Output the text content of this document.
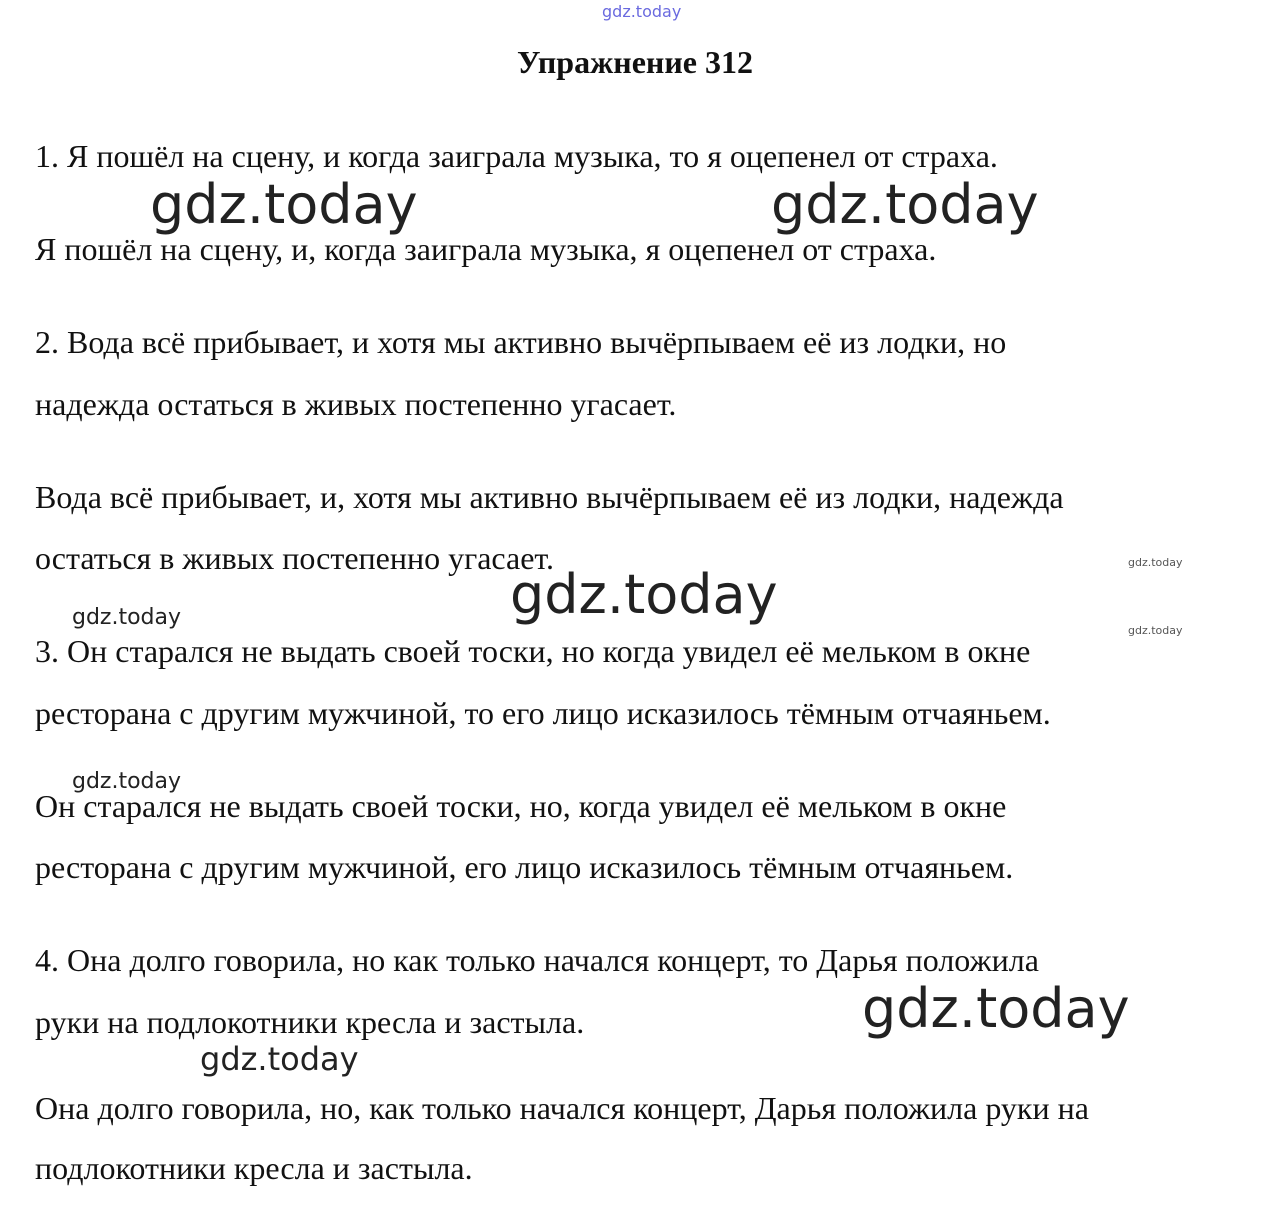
Упражнение 312
1. Я пошёл на сцену, и когда заиграла музыка, то я оцепенел от страха.
Я пошёл на сцену, и, когда заиграла музыка, я оцепенел от страха.
2. Вода всё прибывает, и хотя мы активно вычёрпываем её из лодки, но
надежда остаться в живых постепенно угасает.
Вода всё прибывает, и, хотя мы активно вычёрпываем её из лодки, надежда
остаться в живых постепенно угасает.
3. Он старался не выдать своей тоски, но когда увидел её мельком в окне
ресторана с другим мужчиной, то его лицо исказилось тёмным отчаяньем.
Он старался не выдать своей тоски, но, когда увидел её мельком в окне
ресторана с другим мужчиной, его лицо исказилось тёмным отчаяньем.
4. Она долго говорила, но как только начался концерт, то Дарья положила
руки на подлокотники кресла и застыла.
Она долго говорила, но, как только начался концерт, Дарья положила руки на
подлокотники кресла и застыла.
gdz.today
gdz.today	gdz.today
gdz.today
gdz.today
gdz.today
gdz.today
gdz.today
gdz.today
gdz.today
